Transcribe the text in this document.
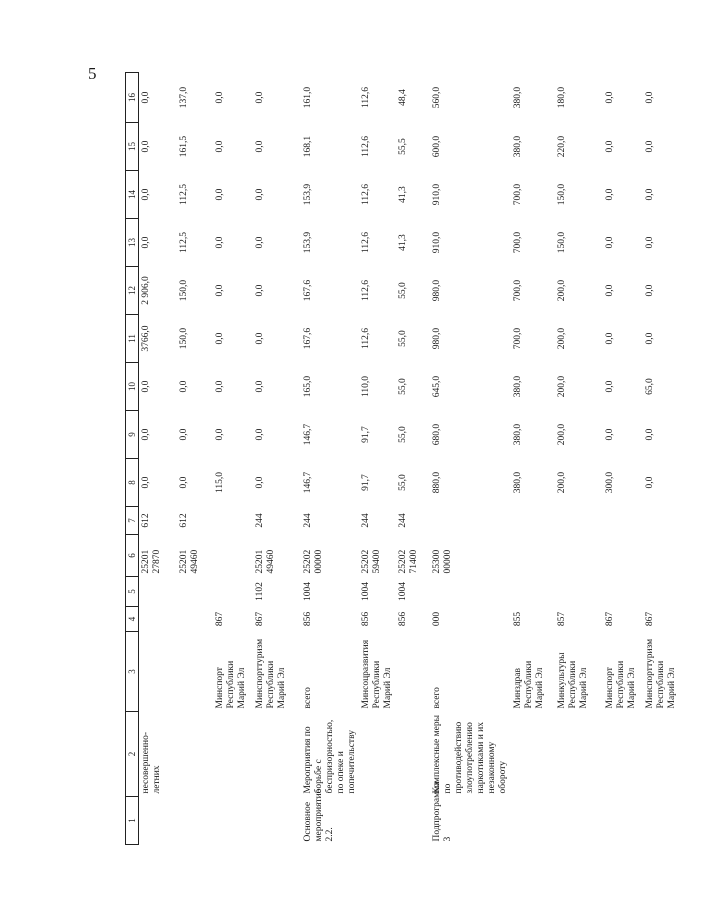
5
1	2	3	4	5	6	7	8	9	10	11	12	13	14	15	16
	несовершенно-летних				25201 27870	612	0,0	0,0	0,0	3766,0	2 906,0	0,0	0,0	0,0	0,0
					25201 49460	612	0,0	0,0	0,0	150,0	150,0	112,5	112,5	161,5	137,0
		Минспорт Республики Марий Эл	867				115,0	0,0	0,0	0,0	0,0	0,0	0,0	0,0	0,0
		Минспорттуризм Республики Марий Эл	867	1102	25201 49460	244	0,0	0,0	0,0	0,0	0,0	0,0	0,0	0,0	0,0
Основное мероприятие 2.2.	Мероприятия по борьбе с беспризорностью, по опеке и попечительству	всего	856	1004	25202 00000	244	146,7	146,7	165,0	167,6	167,6	153,9	153,9	168,1	161,0
		Минсоцразвития Республики Марий Эл	856	1004	25202 59400	244	91,7	91,7	110,0	112,6	112,6	112,6	112,6	112,6	112,6
			856	1004	25202 71400	244	55,0	55,0	55,0	55,0	55,0	41,3	41,3	55,5	48,4
Подпрограмма 3	Комплексные меры по противодействию злоупотреблению наркотиками и их незаконному обороту	всего	000		25300 00000		880,0	680,0	645,0	980,0	980,0	910,0	910,0	600,0	560,0
		Минздрав Республики Марий Эл	855				380,0	380,0	380,0	700,0	700,0	700,0	700,0	380,0	380,0
		Минкультуры Республики Марий Эл	857				200,0	200,0	200,0	200,0	200,0	150,0	150,0	220,0	180,0
		Минспорт Республики Марий Эл	867				300,0	0,0	0,0	0,0	0,0	0,0	0,0	0,0	0,0
		Минспорттуризм Республики Марий Эл	867				0,0	0,0	65,0	0,0	0,0	0,0	0,0	0,0	0,0
